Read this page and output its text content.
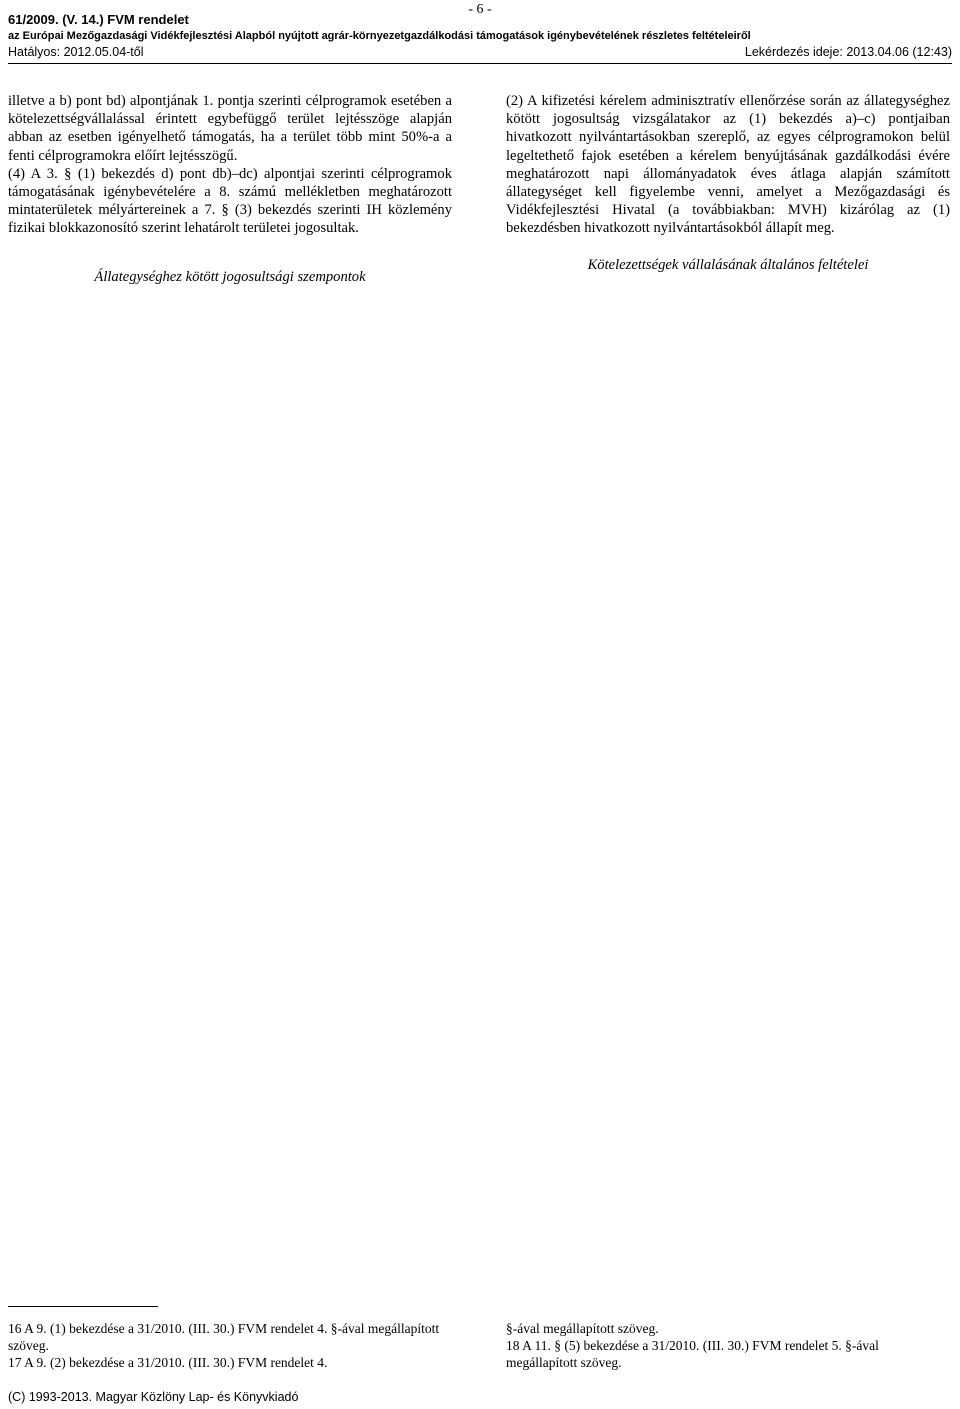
- 6 -
61/2009. (V. 14.) FVM rendelet
az Európai Mezőgazdasági Vidékfejlesztési Alapból nyújtott agrár-környezetgazdálkodási támogatások igénybevételének részletes feltételeiről
Hatályos: 2012.05.04-től	Lekérdezés ideje: 2013.04.06 (12:43)

illetve a b) pont bd) alpontjának 1. pontja szerinti célprogramok esetében a kötelezettségvállalással érintett egybefüggő terület lejtésszöge alapján abban az esetben igényelhető támogatás, ha a terület több mint 50%-a a fenti célprogramokra előírt lejtésszögű.

(4) A 3. § (1) bekezdés d) pont db)–dc) alpontjai szerinti célprogramok támogatásának igénybevételére a 8. számú mellékletben meghatározott mintaterületek mélyártereinek a 7. § (3) bekezdés szerinti IH közlemény fizikai blokkazonosító szerint lehatárolt területei jogosultak.

Állategységhez kötött jogosultsági szempontok

(2) A kifizetési kérelem adminisztratív ellenőrzése során az állategységhez kötött jogosultság vizsgálatakor az (1) bekezdés a)–c) pontjaiban hivatkozott nyilvántartásokban szereplő, az egyes célprogramokon belül legeltethető fajok esetében a kérelem benyújtásának gazdálkodási évére meghatározott napi állományadatok éves átlaga alapján számított állategységet kell figyelembe venni, amelyet a Mezőgazdasági és Vidékfejlesztési Hivatal (a továbbiakban: MVH) kizárólag az (1) bekezdésben hivatkozott nyilvántartásokból állapít meg.

Kötelezettségek vállalásának általános feltételei
16 A 9. (1) bekezdése a 31/2010. (III. 30.) FVM rendelet 4. §-ával megállapított szöveg.
17 A 9. (2) bekezdése a 31/2010. (III. 30.) FVM rendelet 4.
§-ával megállapított szöveg.
18 A 11. § (5) bekezdése a 31/2010. (III. 30.) FVM rendelet 5. §-ával megállapított szöveg.
(C) 1993-2013. Magyar Közlöny Lap- és Könyvkiadó
